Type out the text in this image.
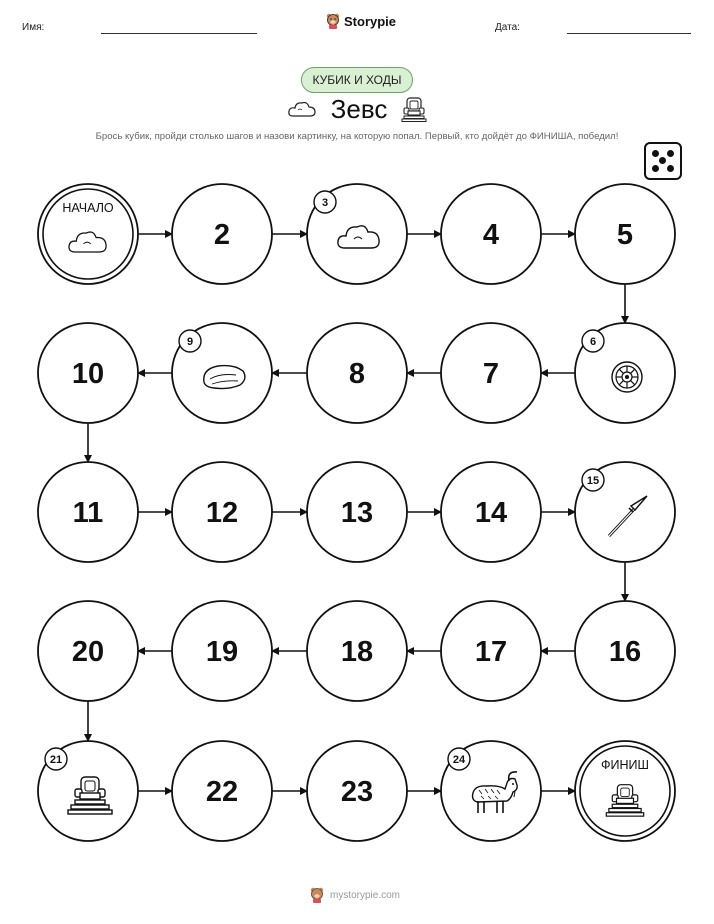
Имя:	Storypie	Дата:
КУБИК И ХОДЫ
Зевс
Брось кубик, пройди столько шагов и назови картинку, на которую попал. Первый, кто дойдёт до ФИНИША, победил!
НАЧАЛО
2
3
4	5
6
7
8
9
10
11	12	13	14
15
16
17
18
19
20
21
22	23
24	ФИНИШ
mystorypie.com
